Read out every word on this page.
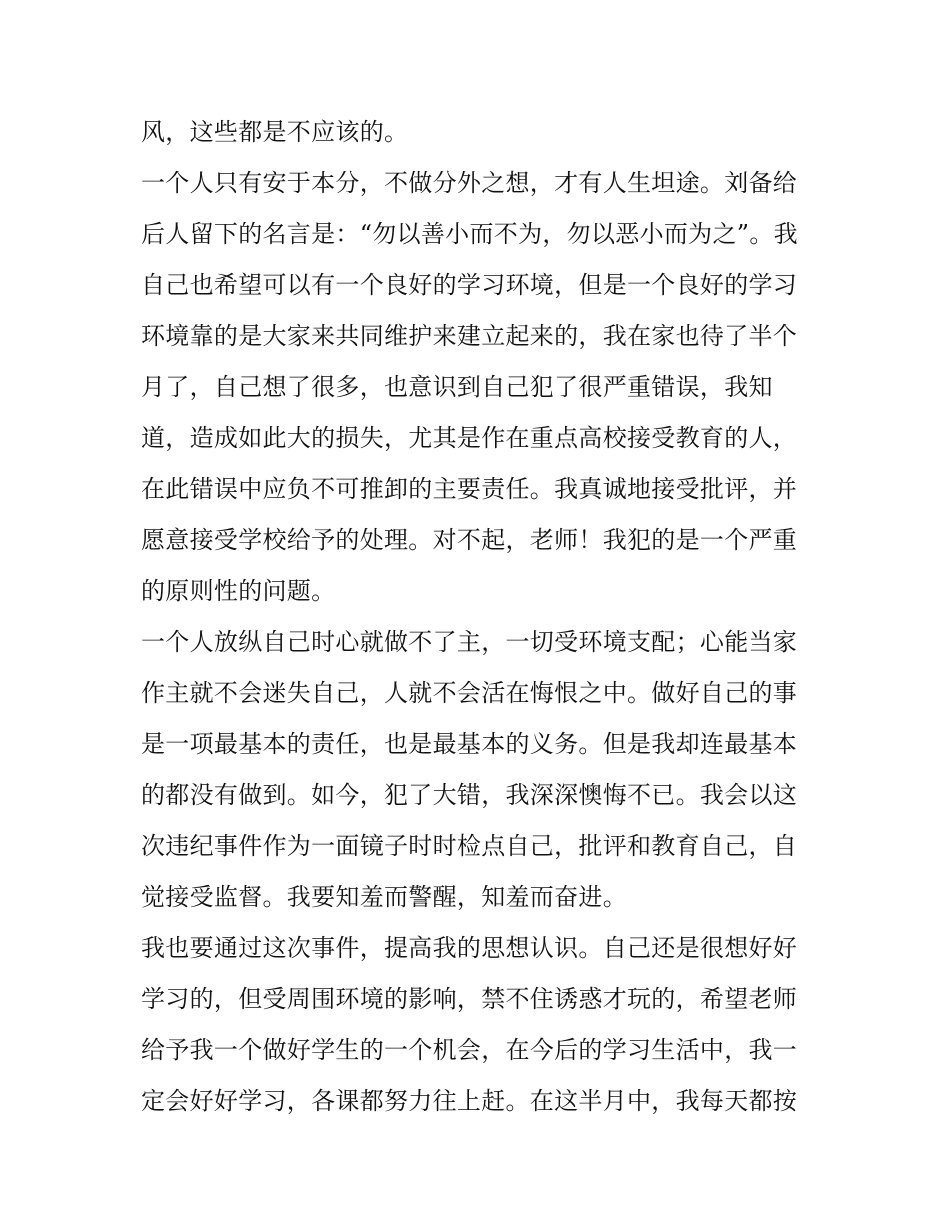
风，这些都是不应该的。
一个人只有安于本分，不做分外之想，才有人生坦途。刘备给
后人留下的名言是：“勿以善小而不为，勿以恶小而为之”。我
自己也希望可以有一个良好的学习环境，但是一个良好的学习
环境靠的是大家来共同维护来建立起来的，我在家也待了半个
月了，自己想了很多，也意识到自己犯了很严重错误，我知
道，造成如此大的损失，尤其是作在重点高校接受教育的人，
在此错误中应负不可推卸的主要责任。我真诚地接受批评，并
愿意接受学校给予的处理。对不起，老师！我犯的是一个严重
的原则性的问题。
一个人放纵自己时心就做不了主，一切受环境支配；心能当家
作主就不会迷失自己，人就不会活在悔恨之中。做好自己的事
是一项最基本的责任，也是最基本的义务。但是我却连最基本
的都没有做到。如今，犯了大错，我深深懊悔不已。我会以这
次违纪事件作为一面镜子时时检点自己，批评和教育自己，自
觉接受监督。我要知羞而警醒，知羞而奋进。
我也要通过这次事件，提高我的思想认识。自己还是很想好好
学习的，但受周围环境的影响，禁不住诱惑才玩的，希望老师
给予我一个做好学生的一个机会，在今后的学习生活中，我一
定会好好学习，各课都努力往上赶。在这半月中，我每天都按
